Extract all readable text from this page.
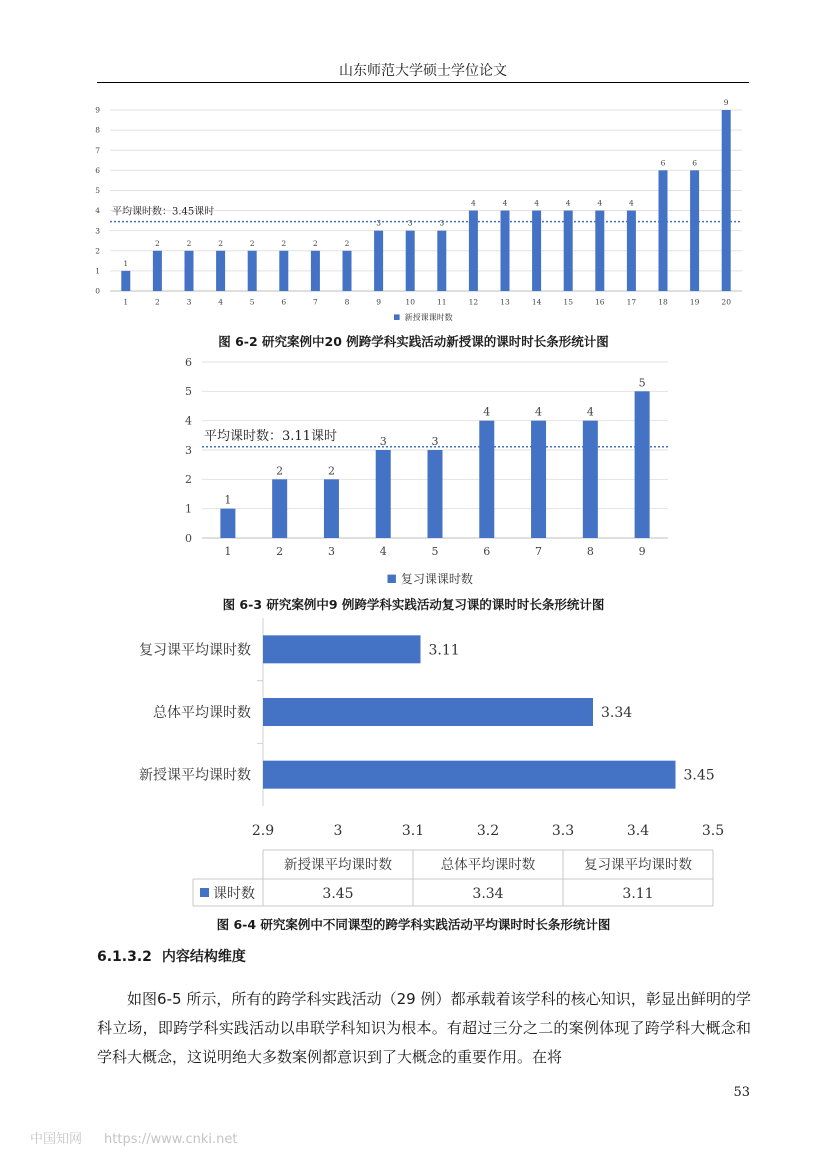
山东师范大学硕士学位论文
0
1
2
3
4
5
6
7
8
9
1
1
2
2
2
3
2
4
2
5
2
6
2
7
2
8
3
9
3
10
3
11
4
12
4
13
4
14
4
15
4
16
4
17
6
18
6
19
9
20
平均课时数：3.45课时
新授课课时数
图 6-2 研究案例中20 例跨学科实践活动新授课的课时时长条形统计图
0
1
2
3
4
5
6
1
1
2
2
2
3
3
4
3
5
4
6
4
7
4
8
5
9
平均课时数：3.11课时
复习课课时数
图 6-3 研究案例中9 例跨学科实践活动复习课的课时时长条形统计图
3.11
复习课平均课时数
3.34
总体平均课时数
3.45
新授课平均课时数
2.9	3	3.1	3.2	3.3	3.4	3.5
新授课平均课时数	总体平均课时数	复习课平均课时数
3.45	3.34	3.11
课时数
图 6-4 研究案例中不同课型的跨学科实践活动平均课时时长条形统计图
6.1.3.2 内容结构维度
如图6-5 所示，所有的跨学科实践活动（29 例）都承载着该学科的核心知识，彰显出鲜明的学科立场，即跨学科实践活动以串联学科知识为根本。有超过三分之二的案例体现了跨学科大概念和学科大概念，这说明绝大多数案例都意识到了大概念的重要作用。在将
53
中国知网 https://www.cnki.net
